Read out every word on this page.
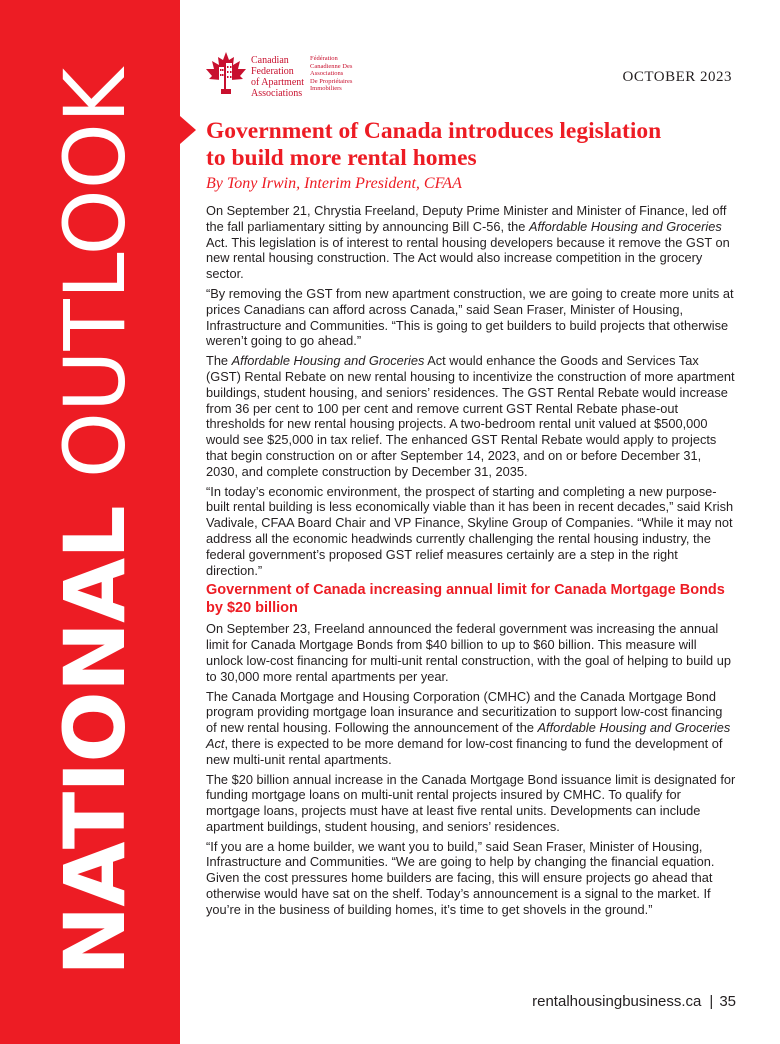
NATIONAL OUTLOOK
Canadian
Federation
of Apartment
Associations
Fédération
Canadienne Des
Associations
De Propriétaires
Immobiliers
OCTOBER 2023
Government of Canada introduces legislation
to build more rental homes
By Tony Irwin, Interim President, CFAA

On September 21, Chrystia Freeland, Deputy Prime Minister and Minister of Finance, led off the fall parliamentary sitting by announcing Bill C-56, the Affordable Housing and Groceries Act. This legislation is of interest to rental housing developers because it remove the GST on new rental housing construction. The Act would also increase competition in the grocery sector.

“By removing the GST from new apartment construction, we are going to create more units at prices Canadians can afford across Canada,” said Sean Fraser, Minister of Housing, Infrastructure and Communities. “This is going to get builders to build projects that otherwise weren’t going to go ahead.”

The Affordable Housing and Groceries Act would enhance the Goods and Services Tax (GST) Rental Rebate on new rental housing to incentivize the construction of more apartment buildings, student housing, and seniors’ residences. The GST Rental Rebate would increase from 36 per cent to 100 per cent and remove current GST Rental Rebate phase-out thresholds for new rental housing projects. A two-bedroom rental unit valued at $500,000 would see $25,000 in tax relief. The enhanced GST Rental Rebate would apply to projects that begin construction on or after September 14, 2023, and on or before December 31, 2030, and complete construction by December 31, 2035.

“In today’s economic environment, the prospect of starting and completing a new purpose-built rental building is less economically viable than it has been in recent decades,” said Krish Vadivale, CFAA Board Chair and VP Finance, Skyline Group of Companies. “While it may not address all the economic headwinds currently challenging the rental housing industry, the federal government’s proposed GST relief measures certainly are a step in the right direction.”

Government of Canada increasing annual limit for Canada Mortgage Bonds by $20 billion

On September 23, Freeland announced the federal government was increasing the annual limit for Canada Mortgage Bonds from $40 billion to up to $60 billion. This measure will unlock low-cost financing for multi-unit rental construction, with the goal of helping to build up to 30,000 more rental apartments per year.

The Canada Mortgage and Housing Corporation (CMHC) and the Canada Mortgage Bond program providing mortgage loan insurance and securitization to support low-cost financing of new rental housing. Following the announcement of the Affordable Housing and Groceries Act, there is expected to be more demand for low-cost financing to fund the development of new multi-unit rental apartments.

The $20 billion annual increase in the Canada Mortgage Bond issuance limit is designated for funding mortgage loans on multi-unit rental projects insured by CMHC. To qualify for mortgage loans, projects must have at least five rental units. Developments can include apartment buildings, student housing, and seniors’ residences.

“If you are a home builder, we want you to build,” said Sean Fraser, Minister of Housing, Infrastructure and Communities. “We are going to help by changing the financial equation. Given the cost pressures home builders are facing, this will ensure projects go ahead that otherwise would have sat on the shelf. Today’s announcement is a signal to the market. If you’re in the business of building homes, it’s time to get shovels in the ground.”

rentalhousingbusiness.ca | 35
